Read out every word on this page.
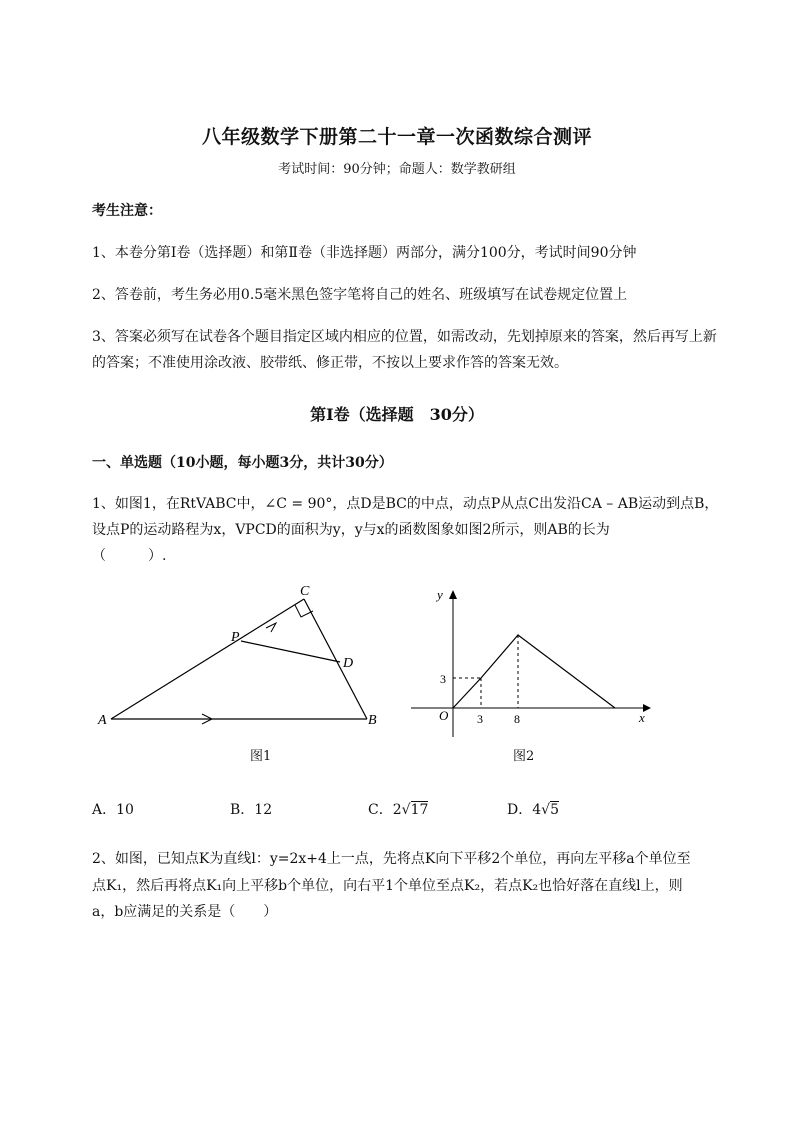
八年级数学下册第二十一章一次函数综合测评
考试时间：90分钟；命题人：数学教研组
考生注意：
1、本卷分第I卷（选择题）和第Ⅱ卷（非选择题）两部分，满分100分，考试时间90分钟
2、答卷前，考生务必用0.5毫米黑色签字笔将自己的姓名、班级填写在试卷规定位置上
3、答案必须写在试卷各个题目指定区域内相应的位置，如需改动，先划掉原来的答案，然后再写上新
的答案；不准使用涂改液、胶带纸、修正带，不按以上要求作答的答案无效。
第I卷（选择题　30分）
一、单选题（10小题，每小题3分，共计30分）
1、如图1，在RtVABC中，∠C = 90°，点D是BC的中点，动点P从点C出发沿CA – AB运动到点B，
设点P的运动路程为x，VPCD的面积为y，y与x的函数图象如图2所示，则AB的长为
（　　　）.
A	B
C
D
P
图1
y
x
O
3
3	8
图2
A．10	B．12	C．2√17	D．4√5
2、如图，已知点K为直线l：y=2x+4上一点，先将点K向下平移2个单位，再向左平移a个单位至
点K₁，然后再将点K₁向上平移b个单位，向右平1个单位至点K₂，若点K₂也恰好落在直线l上，则
a，b应满足的关系是（　　）
